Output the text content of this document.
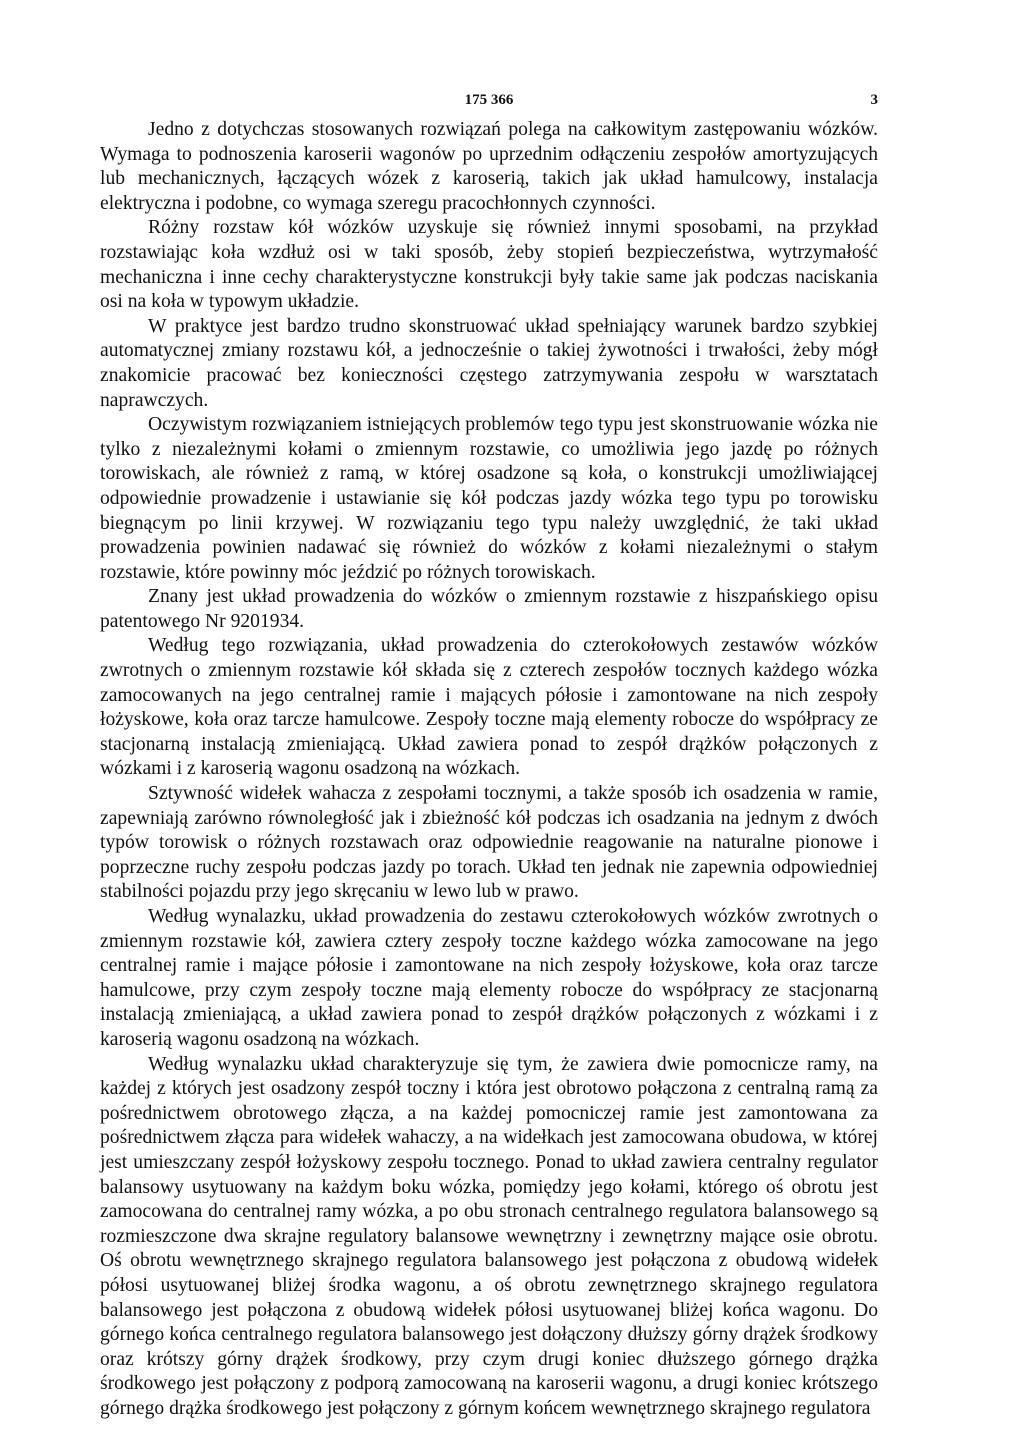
175 366	3

Jedno z dotychczas stosowanych rozwiązań polega na całkowitym zastępowaniu wózków. Wymaga to podnoszenia karoserii wagonów po uprzednim odłączeniu zespołów amortyzujących lub mechanicznych, łączących wózek z karoserią, takich jak układ hamulcowy, instalacja elektryczna i podobne, co wymaga szeregu pracochłonnych czynności.

Różny rozstaw kół wózków uzyskuje się również innymi sposobami, na przykład rozstawiając koła wzdłuż osi w taki sposób, żeby stopień bezpieczeństwa, wytrzymałość mechaniczna i inne cechy charakterystyczne konstrukcji były takie same jak podczas naciskania osi na koła w typowym układzie.

W praktyce jest bardzo trudno skonstruować układ spełniający warunek bardzo szybkiej automatycznej zmiany rozstawu kół, a jednocześnie o takiej żywotności i trwałości, żeby mógł znakomicie pracować bez konieczności częstego zatrzymywania zespołu w warsztatach naprawczych.

Oczywistym rozwiązaniem istniejących problemów tego typu jest skonstruowanie wózka nie tylko z niezależnymi kołami o zmiennym rozstawie, co umożliwia jego jazdę po różnych torowiskach, ale również z ramą, w której osadzone są koła, o konstrukcji umożliwiającej odpowiednie prowadzenie i ustawianie się kół podczas jazdy wózka tego typu po torowisku biegnącym po linii krzywej. W rozwiązaniu tego typu należy uwzględnić, że taki układ prowadzenia powinien nadawać się również do wózków z kołami niezależnymi o stałym rozstawie, które powinny móc jeździć po różnych torowiskach.

Znany jest układ prowadzenia do wózków o zmiennym rozstawie z hiszpańskiego opisu patentowego Nr 9201934.

Według tego rozwiązania, układ prowadzenia do czterokołowych zestawów wózków zwrotnych o zmiennym rozstawie kół składa się z czterech zespołów tocznych każdego wózka zamocowanych na jego centralnej ramie i mających półosie i zamontowane na nich zespoły łożyskowe, koła oraz tarcze hamulcowe. Zespoły toczne mają elementy robocze do współpracy ze stacjonarną instalacją zmieniającą. Układ zawiera ponad to zespół drążków połączonych z wózkami i z karoserią wagonu osadzoną na wózkach.

Sztywność widełek wahacza z zespołami tocznymi, a także sposób ich osadzenia w ramie, zapewniają zarówno równoległość jak i zbieżność kół podczas ich osadzania na jednym z dwóch typów torowisk o różnych rozstawach oraz odpowiednie reagowanie na naturalne pionowe i poprzeczne ruchy zespołu podczas jazdy po torach. Układ ten jednak nie zapewnia odpowiedniej stabilności pojazdu przy jego skręcaniu w lewo lub w prawo.

Według wynalazku, układ prowadzenia do zestawu czterokołowych wózków zwrotnych o zmiennym rozstawie kół, zawiera cztery zespoły toczne każdego wózka zamocowane na jego centralnej ramie i mające półosie i zamontowane na nich zespoły łożyskowe, koła oraz tarcze hamulcowe, przy czym zespoły toczne mają elementy robocze do współpracy ze stacjonarną instalacją zmieniającą, a układ zawiera ponad to zespół drążków połączonych z wózkami i z karoserią wagonu osadzoną na wózkach.

Według wynalazku układ charakteryzuje się tym, że zawiera dwie pomocnicze ramy, na każdej z których jest osadzony zespół toczny i która jest obrotowo połączona z centralną ramą za pośrednictwem obrotowego złącza, a na każdej pomocniczej ramie jest zamontowana za pośrednictwem złącza para widełek wahaczy, a na widełkach jest zamocowana obudowa, w której jest umieszczany zespół łożyskowy zespołu tocznego. Ponad to układ zawiera centralny regulator balansowy usytuowany na każdym boku wózka, pomiędzy jego kołami, którego oś obrotu jest zamocowana do centralnej ramy wózka, a po obu stronach centralnego regulatora balansowego są rozmieszczone dwa skrajne regulatory balansowe wewnętrzny i zewnętrzny mające osie obrotu. Oś obrotu wewnętrznego skrajnego regulatora balansowego jest połączona z obudową widełek półosi usytuowanej bliżej środka wagonu, a oś obrotu zewnętrznego skrajnego regulatora balansowego jest połączona z obudową widełek półosi usytuowanej bliżej końca wagonu. Do górnego końca centralnego regulatora balansowego jest dołączony dłuższy górny drążek środkowy oraz krótszy górny drążek środkowy, przy czym drugi koniec dłuższego górnego drążka środkowego jest połączony z podporą zamocowaną na karoserii wagonu, a drugi koniec krótszego górnego drążka środkowego jest połączony z górnym końcem wewnętrznego skrajnego regulatora
